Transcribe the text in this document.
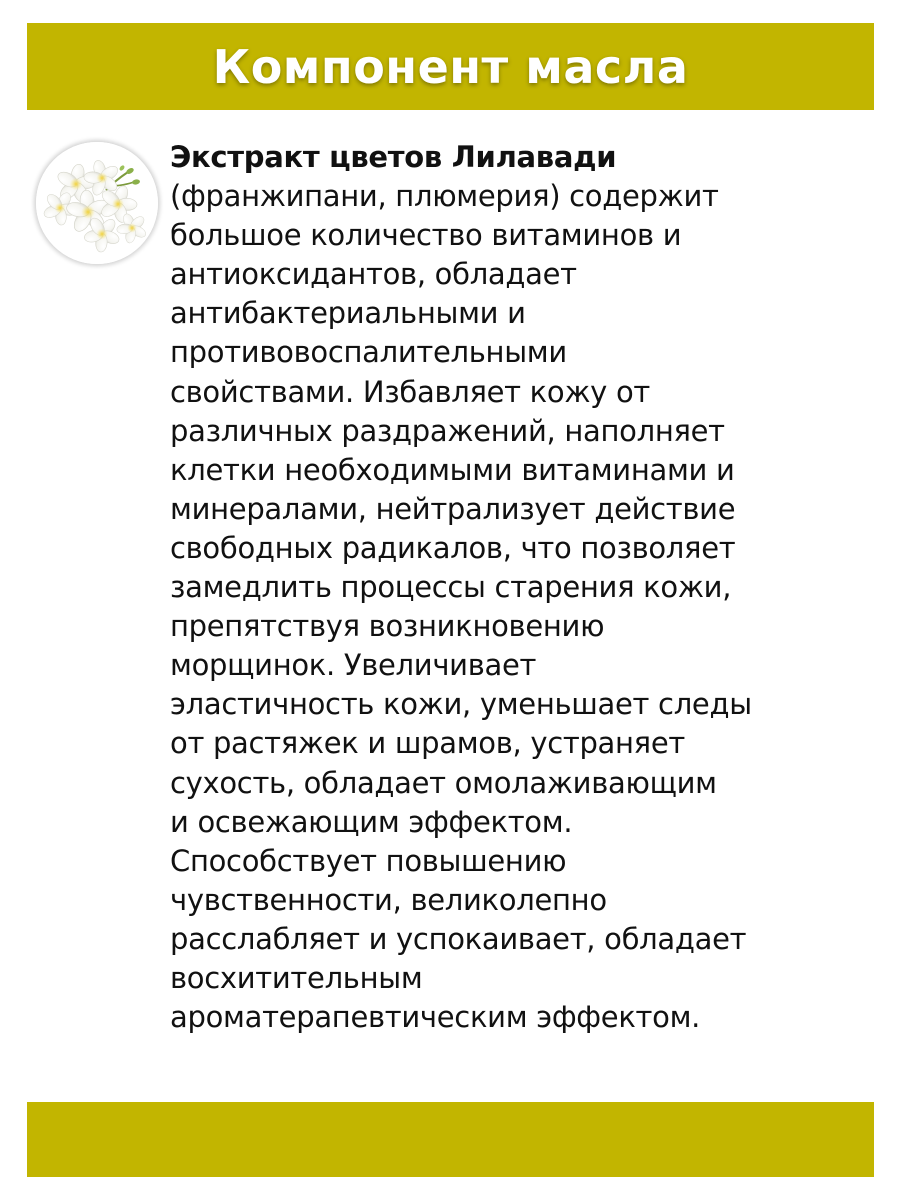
Компонент масла

Экстракт цветов Лилавади
(франжипани, плюмерия) содержит
большое количество витаминов и
антиоксидантов, обладает
антибактериальными и
противовоспалительными
свойствами. Избавляет кожу от
различных раздражений, наполняет
клетки необходимыми витаминами и
минералами, нейтрализует действие
свободных радикалов, что позволяет
замедлить процессы старения кожи,
препятствуя возникновению
морщинок. Увеличивает
эластичность кожи, уменьшает следы
от растяжек и шрамов, устраняет
сухость, обладает омолаживающим
и освежающим эффектом.
Способствует повышению
чувственности, великолепно
расслабляет и успокаивает, обладает
восхитительным
ароматерапевтическим эффектом.
